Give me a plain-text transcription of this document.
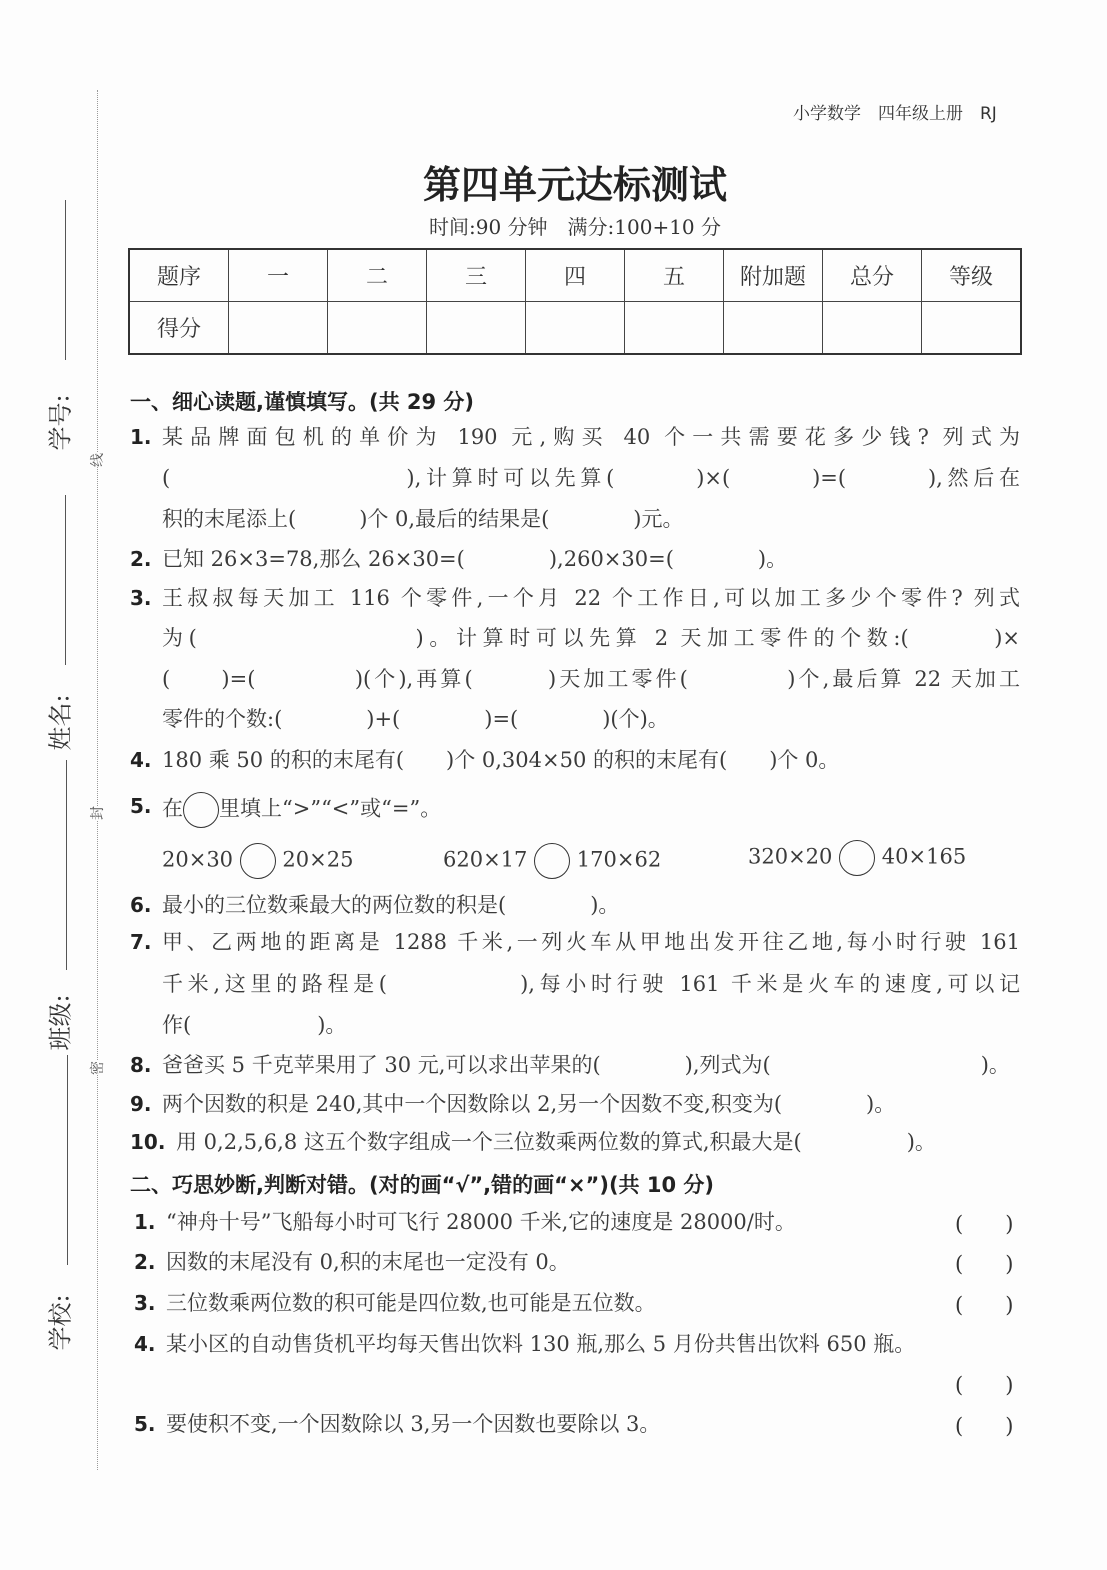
线
封
密
学号:
姓名:
班级:
学校:
小学数学　四年级上册　RJ
第四单元达标测试
时间:90 分钟　满分:100+10 分
题序	一	二	三	四	五	附加题	总分	等级
得分								
一、细心读题,谨慎填写。(共 29 分)
1. 某品牌面包机的单价为 190 元,购买 40 个一共需要花多少钱? 列式为
(　　　　　　　　　),计算时可以先算(　　　)×(　　　)=(　　　),然后在
积的末尾添上(　　　)个 0,最后的结果是(　　　　)元。
2. 已知 26×3=78,那么 26×30=(　　　　),260×30=(　　　　)。
3. 王叔叔每天加工 116 个零件,一个月 22 个工作日,可以加工多少个零件? 列式
为(　　　　　　　　)。计算时可以先算 2 天加工零件的个数:(　　　)×
(　　)=(　　　　)(个),再算(　　　)天加工零件(　　　　)个,最后算 22 天加工
零件的个数:(　　　　)+(　　　　)=(　　　　)(个)。
4. 180 乘 50 的积的末尾有(　　)个 0,304×50 的积的末尾有(　　)个 0。
5. 在 里填上“>”“<”或“=”。
20×30 20×25	620×17 170×62	320×20 40×165
6. 最小的三位数乘最大的两位数的积是(　　　　)。
7. 甲、乙两地的距离是 1288 千米,一列火车从甲地出发开往乙地,每小时行驶 161
千米,这里的路程是(　　　　　),每小时行驶 161 千米是火车的速度,可以记
作(　　　　　　)。
8. 爸爸买 5 千克苹果用了 30 元,可以求出苹果的(　　　　),列式为(　　　　　　　　　　)。
9. 两个因数的积是 240,其中一个因数除以 2,另一个因数不变,积变为(　　　　)。
10. 用 0,2,5,6,8 这五个数字组成一个三位数乘两位数的算式,积最大是(　　　　　)。
二、巧思妙断,判断对错。(对的画“√”,错的画“×”)(共 10 分)
1. “神舟十号”飞船每小时可飞行 28000 千米,它的速度是 28000/时。	(　　)
2. 因数的末尾没有 0,积的末尾也一定没有 0。	(　　)
3. 三位数乘两位数的积可能是四位数,也可能是五位数。	(　　)
4. 某小区的自动售货机平均每天售出饮料 130 瓶,那么 5 月份共售出饮料 650 瓶。
(　　)
5. 要使积不变,一个因数除以 3,另一个因数也要除以 3。	(　　)
